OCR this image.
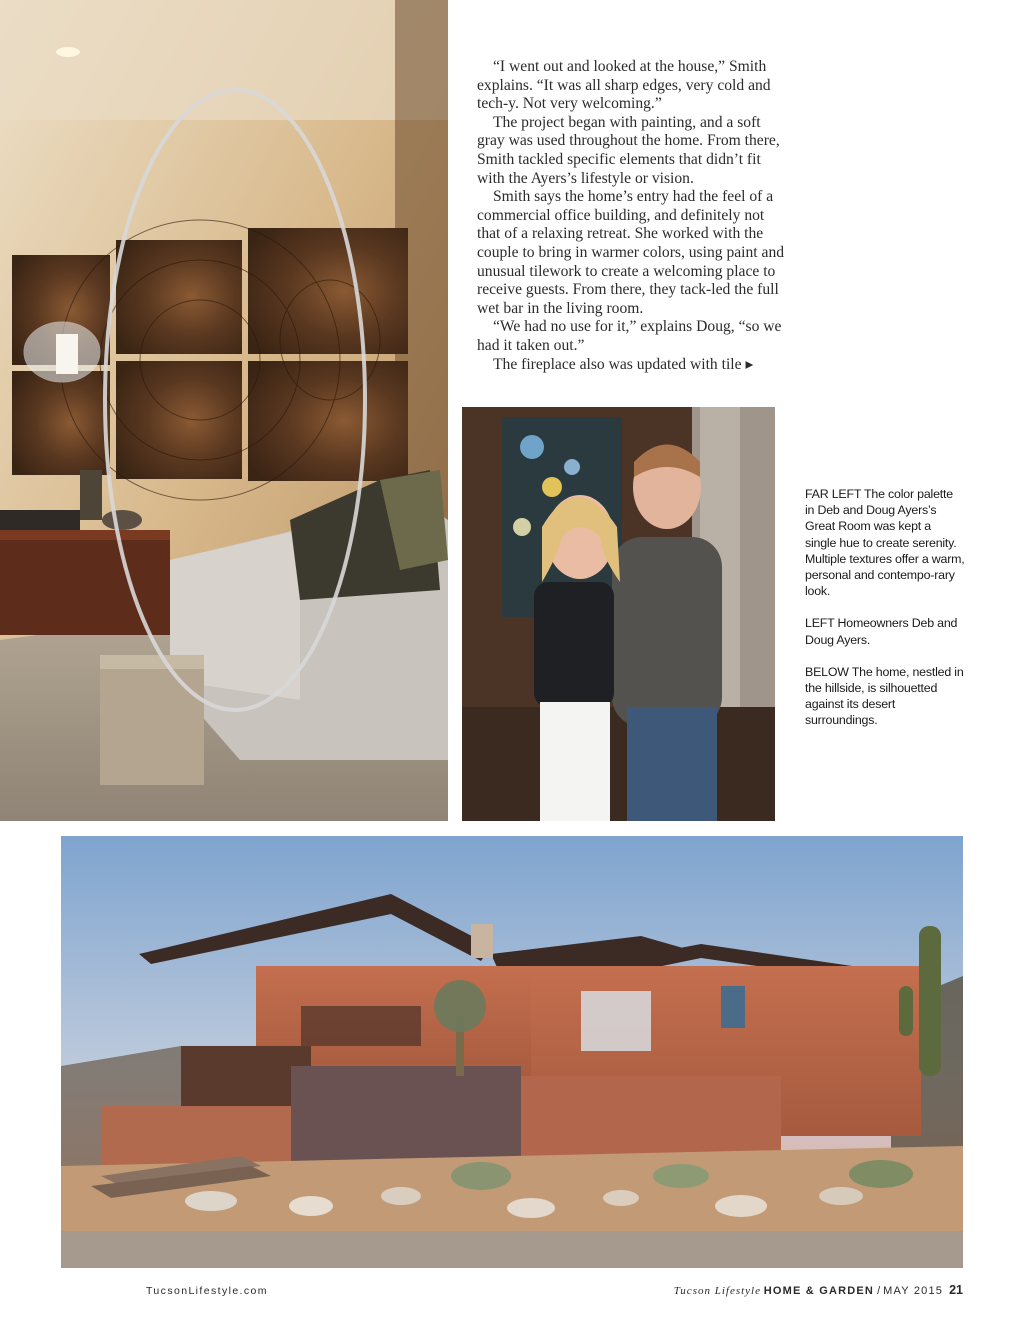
“I went out and looked at the house,” Smith explains. “It was all sharp edges, very cold and tech-y. Not very welcoming.”

The project began with painting, and a soft gray was used throughout the home. From there, Smith tackled specific elements that didn’t fit with the Ayers’s lifestyle or vision.

Smith says the home’s entry had the feel of a commercial office building, and definitely not that of a relaxing retreat. She worked with the couple to bring in warmer colors, using paint and unusual tilework to create a welcoming place to receive guests. From there, they tack-led the full wet bar in the living room.

“We had no use for it,” explains Doug, “so we had it taken out.”

The fireplace also was updated with tile ▸

FAR LEFT The color palette in Deb and Doug Ayers’s Great Room was kept a single hue to create serenity. Multiple textures offer a warm, personal and contempo-rary look.

LEFT Homeowners Deb and Doug Ayers.

BELOW The home, nestled in the hillside, is silhouetted against its desert surroundings.

TucsonLifestyle.com	Tucson Lifestyle HOME & GARDEN / MAY 2015 21
